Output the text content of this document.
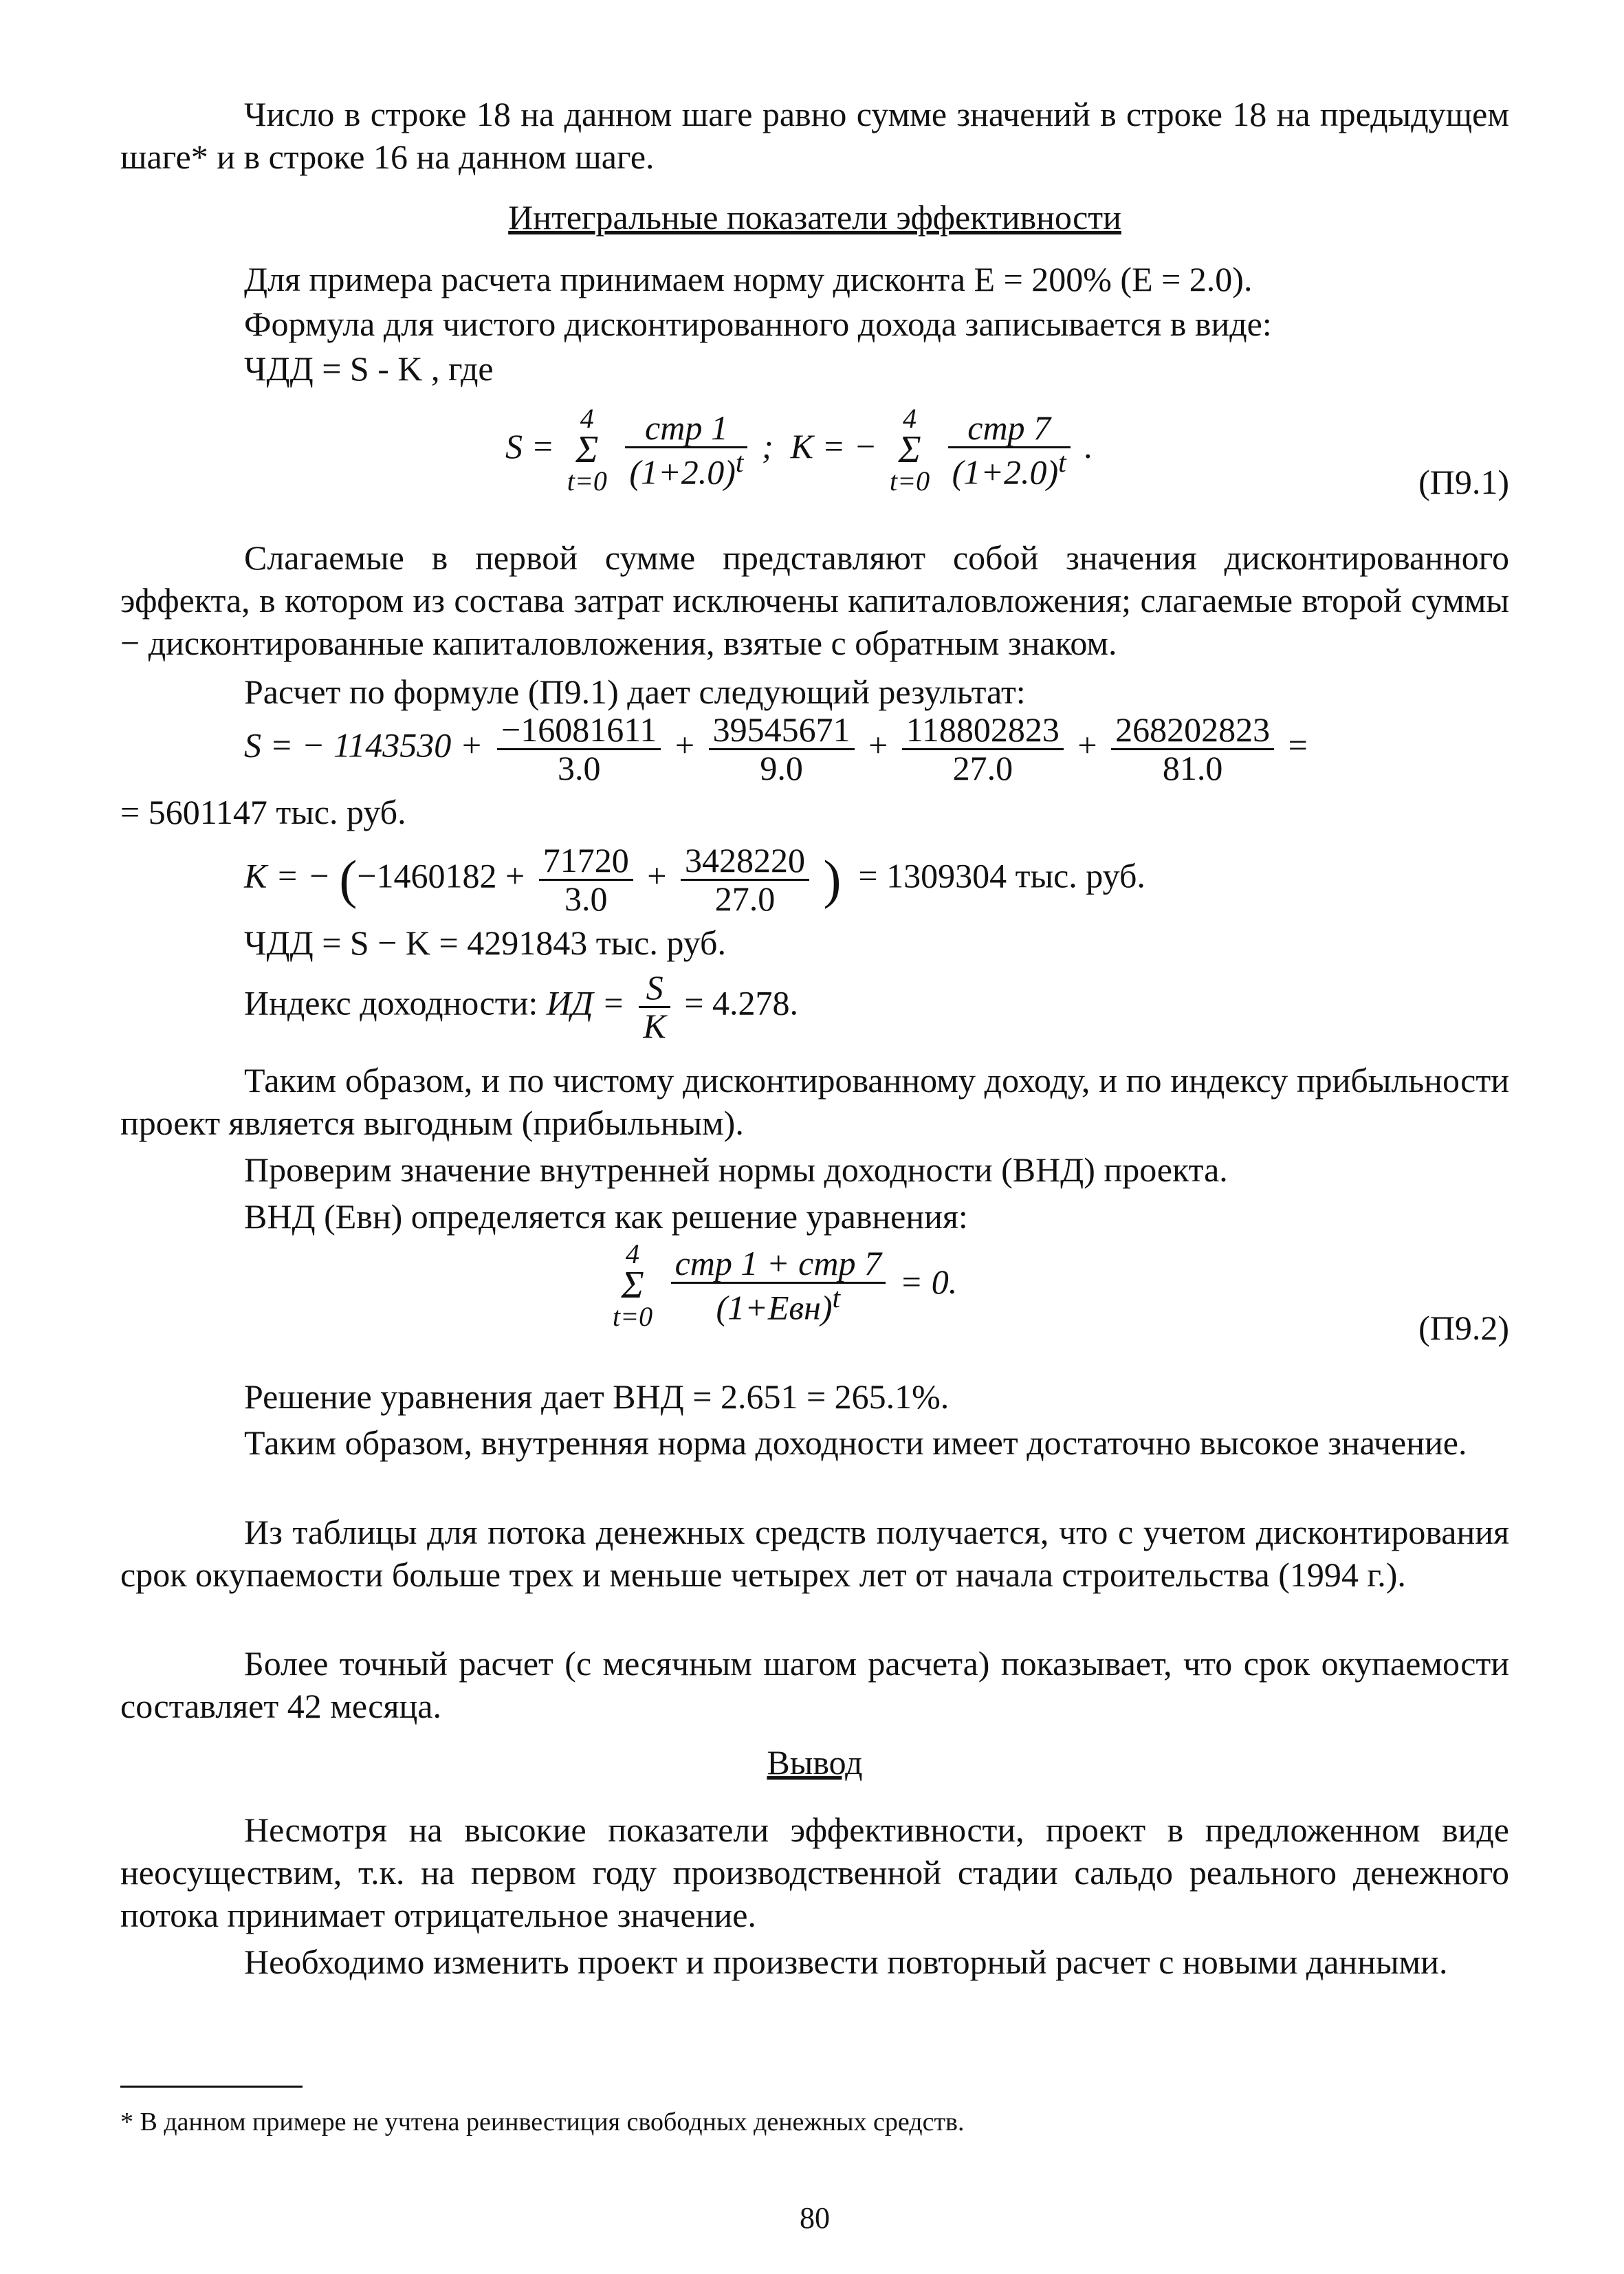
Число в строке 18 на данном шаге равно сумме значений в строке 18 на предыдущем шаге* и в строке 16 на данном шаге.

Интегральные показатели эффективности

Для примера расчета принимаем норму дисконта Е = 200% (Е = 2.0).

Формула для чистого дисконтированного дохода записывается в виде:

ЧДД = S - K , где

S = 4
Σ
$t=0 \frac{\text{стр 1}}{(1+2.0)^t}$ ; K = − 4
Σ
$t=0 \frac{\text{стр 7}}{(1+2.0)^t}$ .
(П9.1)

Слагаемые в первой сумме представляют собой значения дисконтированного эффекта, в котором из состава затрат исключены капиталовложения; слагаемые второй суммы − дисконтированные капиталовложения, взятые с обратным знаком.

Расчет по формуле (П9.1) дает следующий результат:

S = − $1143530 + \frac{-16081611}{3.0} + \frac{39545671}{9.0} + \frac{118802823}{27.0} + \frac{268202823}{81.0}$ =
= 5601147 тыс. руб.
K = − ($-1460182 + \frac{71720}{3.0} + \frac{3428220}{27.0}$ ) = 1309304 тыс. руб.

ЧДД = S − K = 4291843 тыс. руб.

Индекс доходности: ИД = $\frac{S}{K} = 4.278$.

Таким образом, и по чистому дисконтированному доходу, и по индексу прибыльности проект является выгодным (прибыльным).

Проверим значение внутренней нормы доходности (ВНД) проекта.

ВНД (Евн) определяется как решение уравнения:

4
Σ
$t=0 \frac{\text{стр 1 + стр 7}}{(1+Eвн)^t} = 0$.
(П9.2)

Решение уравнения дает ВНД = 2.651 = 265.1%.

Таким образом, внутренняя норма доходности имеет достаточно высокое значение.

Из таблицы для потока денежных средств получается, что с учетом дисконтирования срок окупаемости больше трех и меньше четырех лет от начала строительства (1994 г.).

Более точный расчет (с месячным шагом расчета) показывает, что срок окупаемости составляет 42 месяца.

Вывод

Несмотря на высокие показатели эффективности, проект в предложенном виде неосуществим, т.к. на первом году производственной стадии сальдо реального денежного потока принимает отрицательное значение.

Необходимо изменить проект и произвести повторный расчет с новыми данными.

* В данном примере не учтена реинвестиция свободных денежных средств.
80
